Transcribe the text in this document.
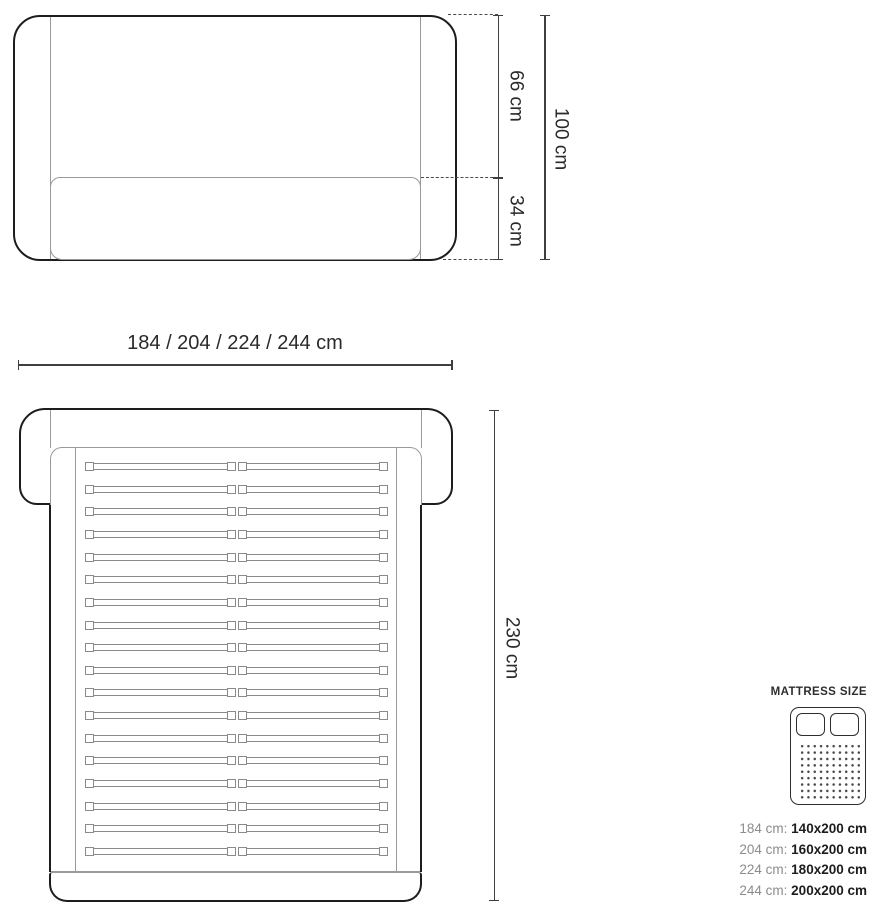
66 cm
34 cm
100 cm
184 / 204 / 224 / 244 cm
230 cm
MATTRESS SIZE
184 cm: 140x200 cm
204 cm: 160x200 cm
224 cm: 180x200 cm
244 cm: 200x200 cm
